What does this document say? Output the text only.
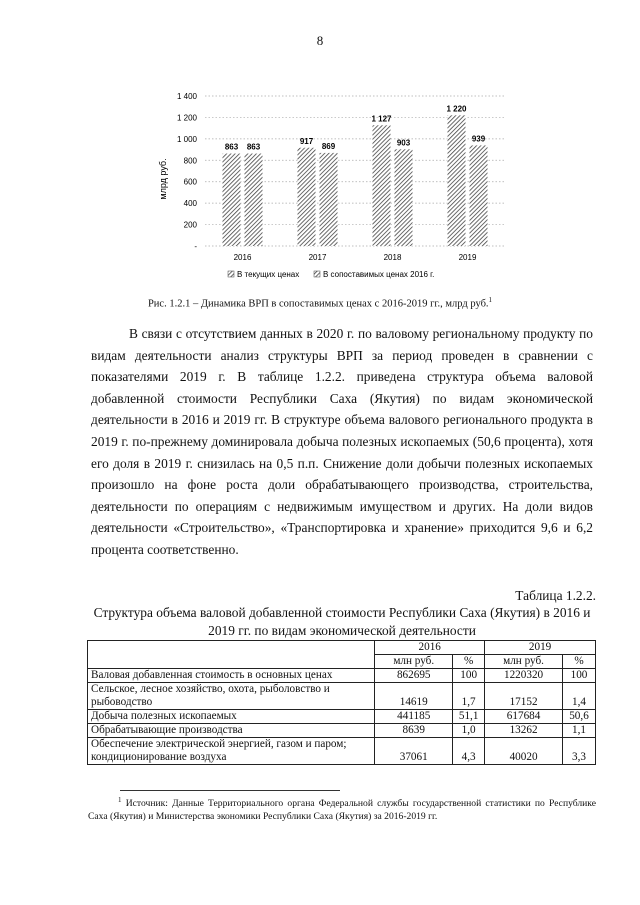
8
-
200
400
600
800
1 000
1 200
1 400
863 863
2016
917
869
2017
1 127
903
2018
1 220
939
2019
млрд руб.
В текущих ценах	В сопоставимых ценах 2016 г.
Рис. 1.2.1 – Динамика ВРП в сопоставимых ценах с 2016-2019 гг., млрд руб.$^1$
В связи с отсутствием данных в 2020 г. по валовому региональному продукту по видам деятельности анализ структуры ВРП за период проведен в сравнении с показателями 2019 г. В таблице 1.2.2. приведена структура объема валовой добавленной стоимости Республики Саха (Якутия) по видам экономической деятельности в 2016 и 2019 гг. В структуре объема валового регионального продукта в 2019 г. по-прежнему доминировала добыча полезных ископаемых (50,6 процента), хотя его доля в 2019 г. снизилась на 0,5 п.п. Снижение доли добычи полезных ископаемых произошло на фоне роста доли обрабатывающего производства, строительства, деятельности по операциям с недвижимым имуществом и других. На доли видов деятельности «Строительство», «Транспортировка и хранение» приходится 9,6 и 6,2 процента соответственно.
Таблица 1.2.2.
Структура объема валовой добавленной стоимости Республики Саха (Якутия) в 2016 и 2019 гг. по видам экономической деятельности
	2016		2019	
	млн руб.	%	млн руб.	%
Валовая добавленная стоимость в основных ценах	862695	100	1220320	100
Сельское, лесное хозяйство, охота, рыболовство и рыбоводство	14619	1,7	17152	1,4
Добыча полезных ископаемых	441185	51,1	617684	50,6
Обрабатывающие производства	8639	1,0	13262	1,1
Обеспечение электрической энергией, газом и паром; кондиционирование воздуха	37061	4,3	40020	3,3
$^1$ Источник: Данные Территориального органа Федеральной службы государственной статистики по Республике Саха (Якутия) и Министерства экономики Республики Саха (Якутия) за 2016-2019 гг.
